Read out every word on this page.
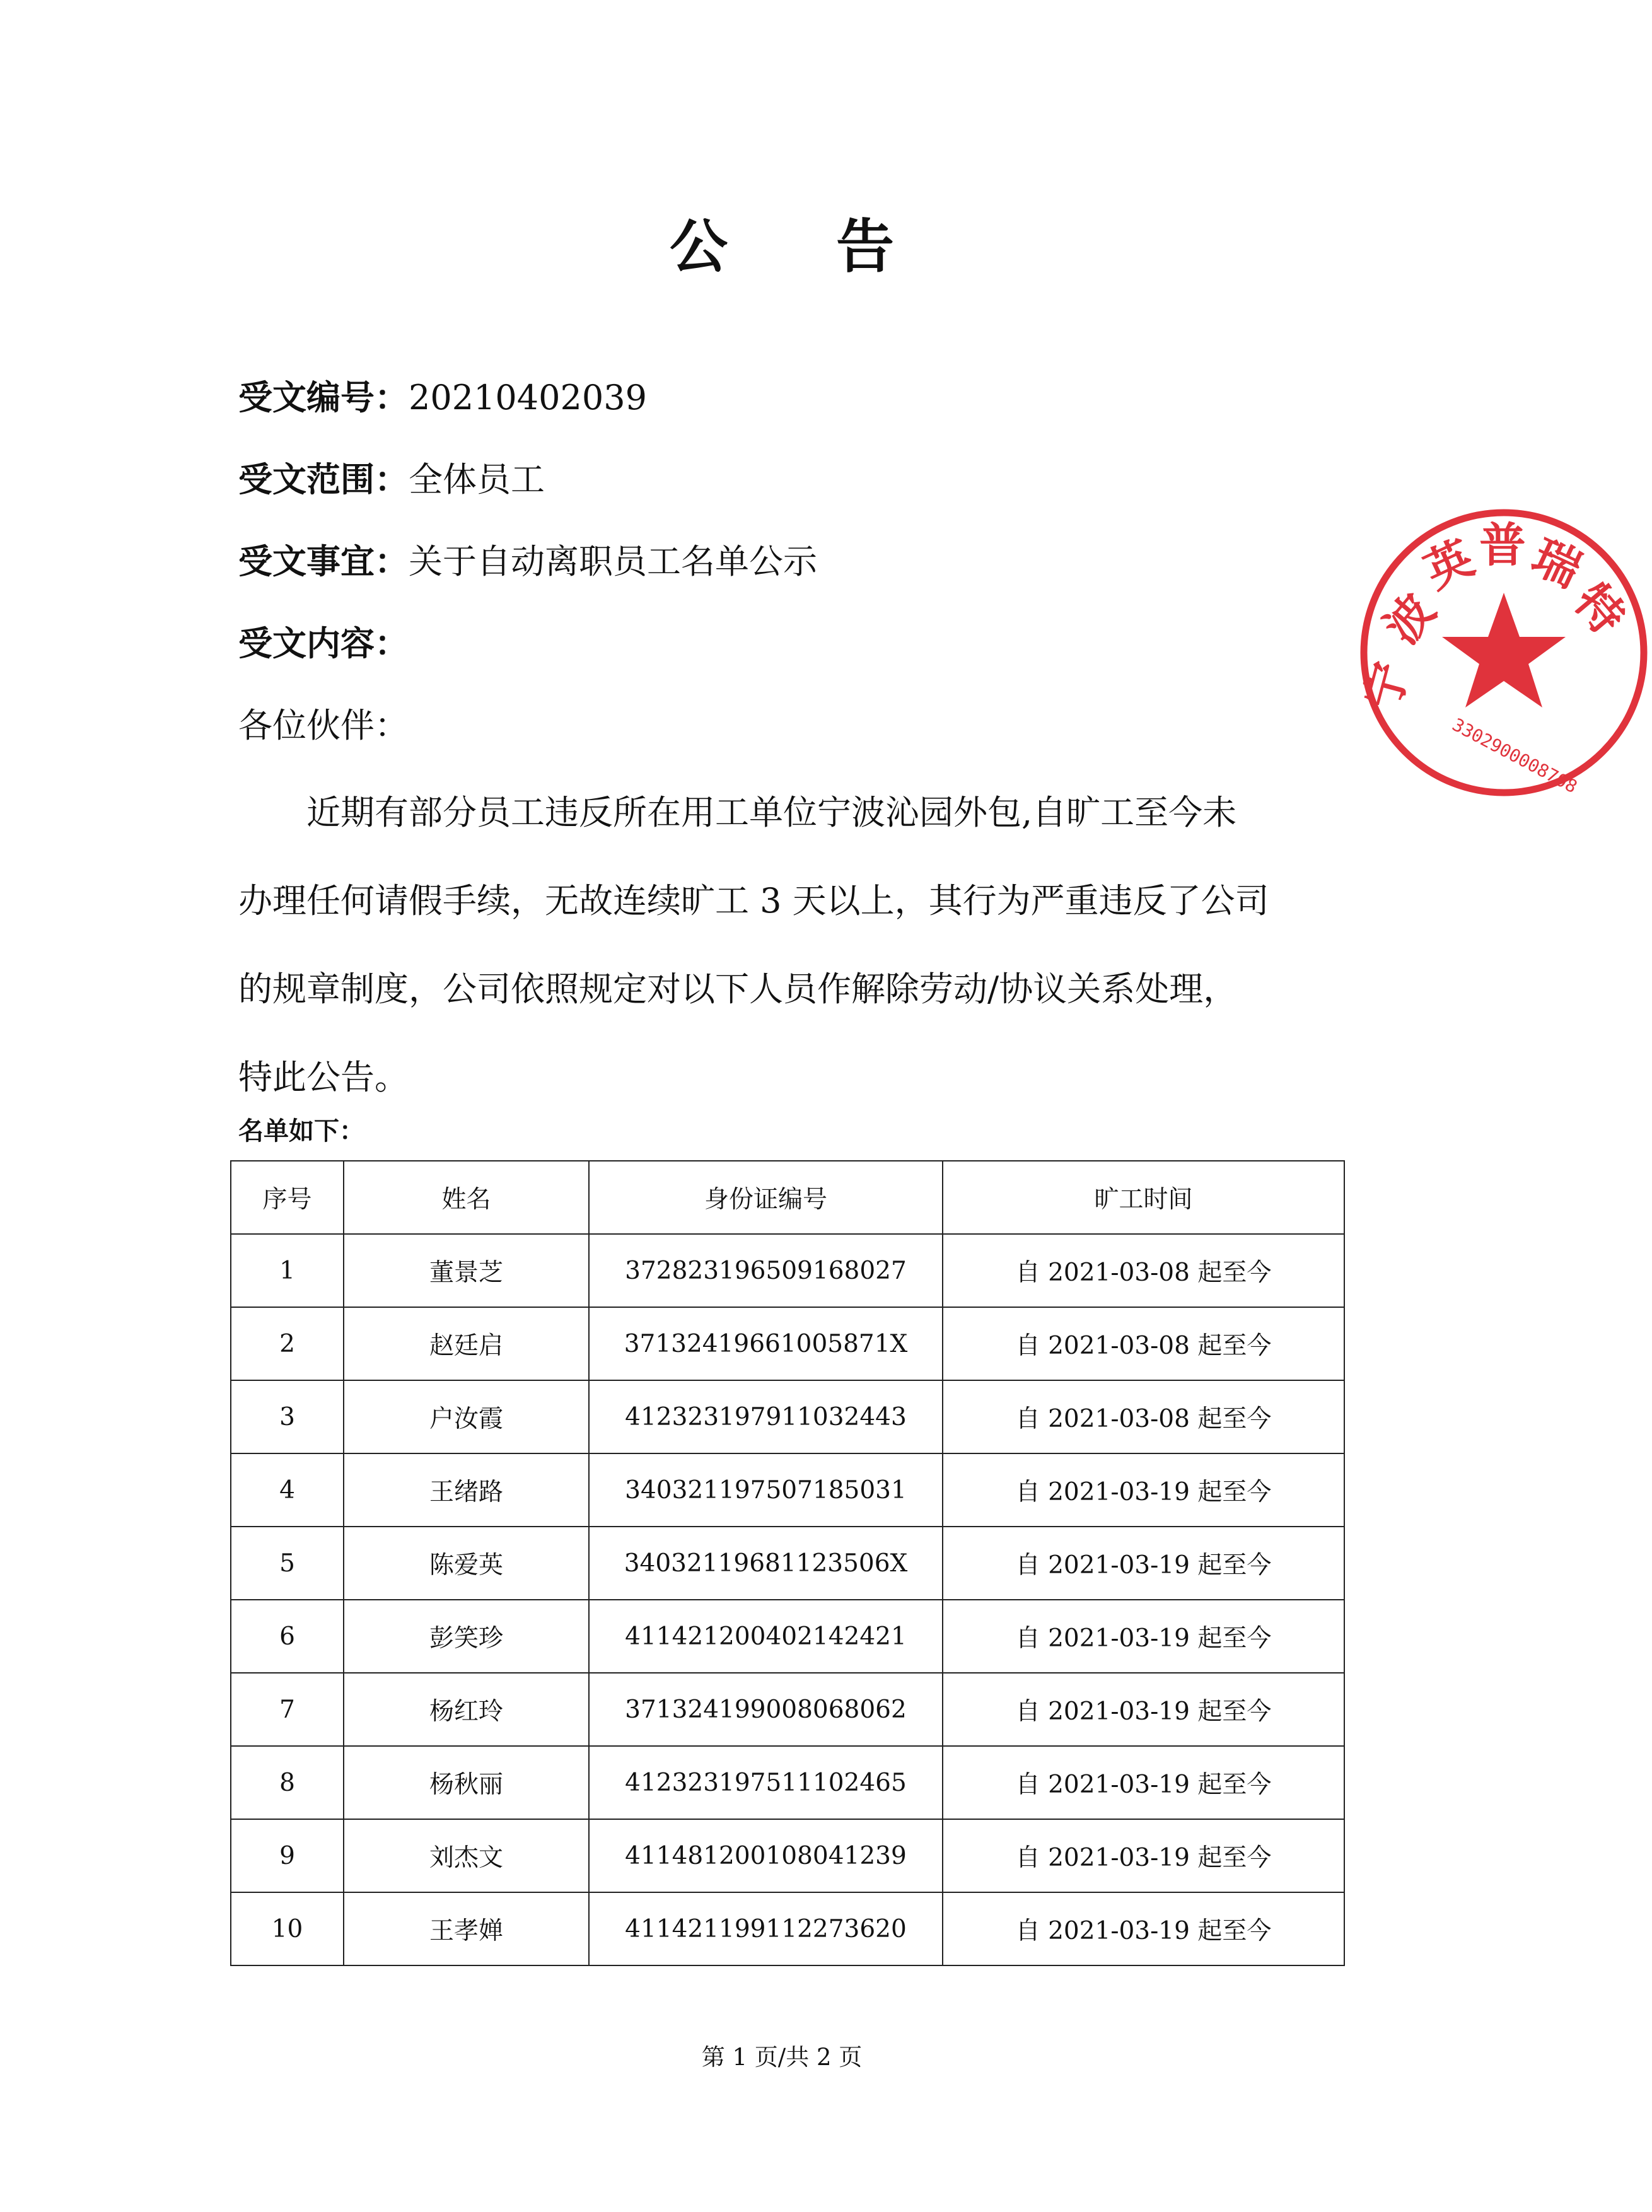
公 告
受文编号：20210402039
受文范围：全体员工
受文事宜：关于自动离职员工名单公示
受文内容：
各位伙伴：
近期有部分员工违反所在用工单位宁波沁园外包,自旷工至今未
办理任何请假手续，无故连续旷工 3 天以上，其行为严重违反了公司
的规章制度，公司依照规定对以下人员作解除劳动/协议关系处理，
特此公告。
名单如下：
序号	姓名	身份证编号	旷工时间
1	董景芝	372823196509168027	自 2021-03-08 起至今
2	赵廷启	37132419661005871X	自 2021-03-08 起至今
3	户汝霞	412323197911032443	自 2021-03-08 起至今
4	王绪路	340321197507185031	自 2021-03-19 起至今
5	陈爱英	34032119681123506X	自 2021-03-19 起至今
6	彭笑珍	411421200402142421	自 2021-03-19 起至今
7	杨红玲	371324199008068062	自 2021-03-19 起至今
8	杨秋丽	412323197511102465	自 2021-03-19 起至今
9	刘杰文	411481200108041239	自 2021-03-19 起至今
10	王孝婵	411421199112273620	自 2021-03-19 起至今
第 1 页/共 2 页
宁
波
英
普
瑞
特
3302900008708
